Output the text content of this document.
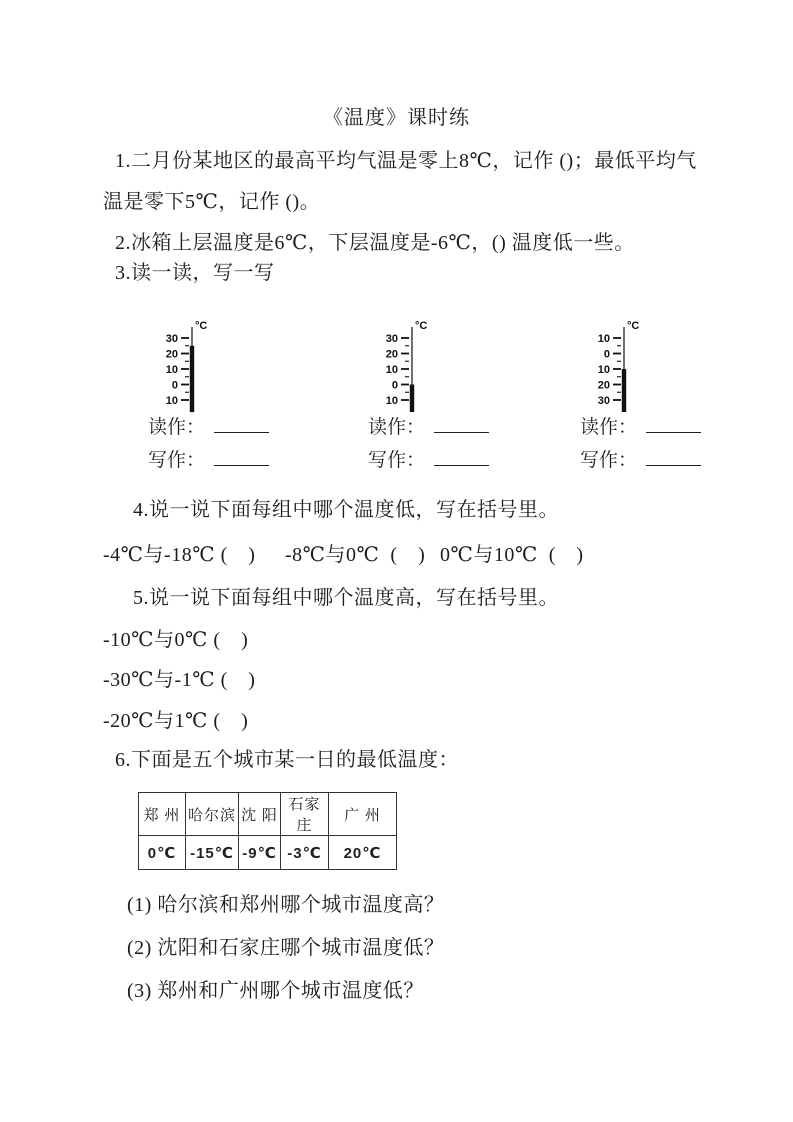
《温度》课时练
1.二月份某地区的最高平均气温是零上8℃，记作 ()；最低平均气
温是零下5℃，记作 ()。
2.冰箱上层温度是6℃，下层温度是-6℃，() 温度低一些。
3.读一读，写一写
°C
30
20
10
0
10
读作：
写作：
°C
30
20
10
0
10
读作：
写作：
°C
10
0
10
20
30
读作：
写作：
4.说一说下面每组中哪个温度低，写在括号里。
-4℃与-18℃ (　) -8℃与0℃  (　) 0℃与10℃  (　)
5.说一说下面每组中哪个温度高，写在括号里。
-10℃与0℃ (　)
-30℃与-1℃ (　)
-20℃与1℃ (　)
6.下面是五个城市某一日的最低温度：
郑 州	哈尔滨	沈 阳	石家庄	广 州
0℃	-15℃	-9℃	-3℃	20℃
(1) 哈尔滨和郑州哪个城市温度高？
(2) 沈阳和石家庄哪个城市温度低？
(3) 郑州和广州哪个城市温度低？
